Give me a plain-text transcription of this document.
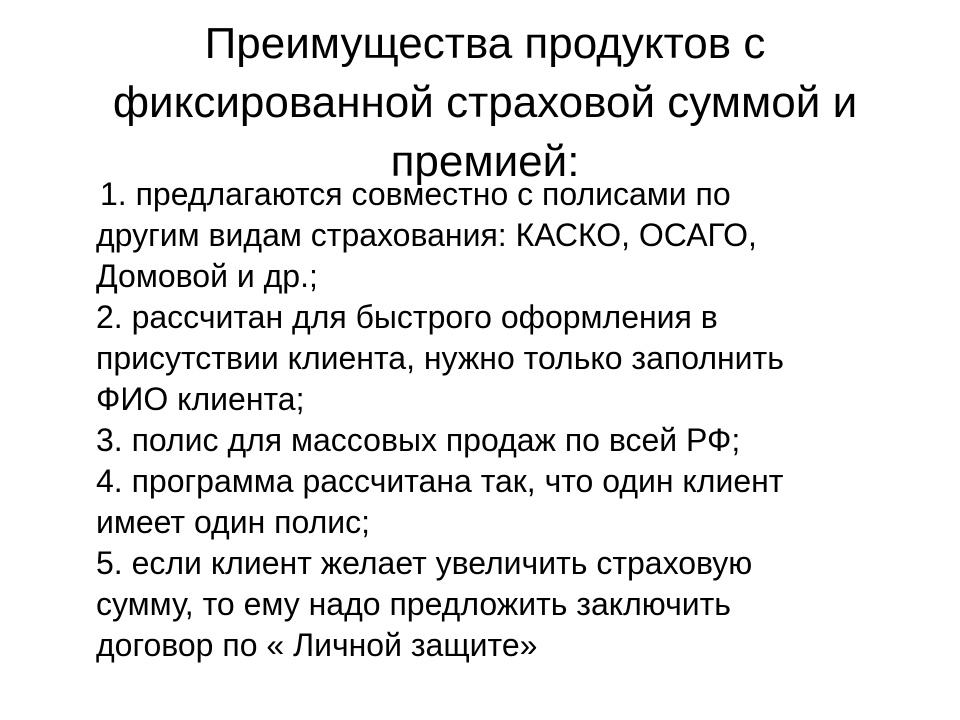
Преимущества продуктов с
фиксированной страховой суммой и
премией:
1. предлагаются совместно с полисами по
другим видам страхования: КАСКО, ОСАГО,
Домовой и др.;
2. рассчитан для быстрого оформления в
присутствии клиента, нужно только заполнить
ФИО клиента;
3. полис для массовых продаж по всей РФ;
4. программа рассчитана так, что один клиент
имеет один полис;
5. если клиент желает увеличить страховую
сумму, то ему надо предложить заключить
договор по « Личной защите»
